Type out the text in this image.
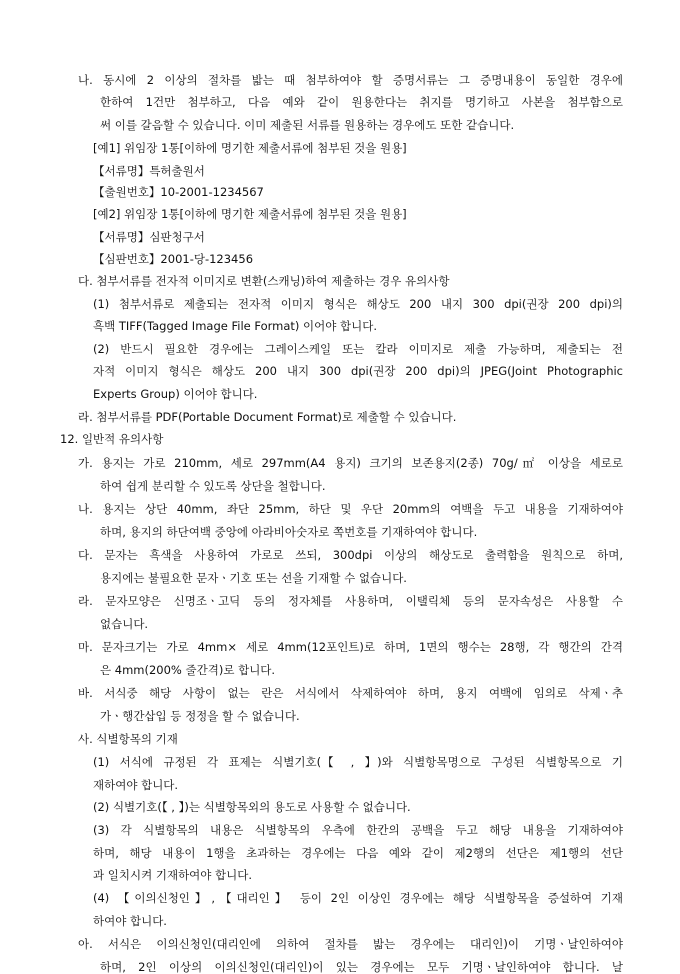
나. 동시에 2 이상의 절차를 밟는 때 첨부하여야 할 증명서류는 그 증명내용이 동일한 경우에
한하여 1건만 첨부하고, 다음 예와 같이 원용한다는 취지를 명기하고 사본을 첨부함으로
써 이를 갈음할 수 있습니다. 이미 제출된 서류를 원용하는 경우에도 또한 같습니다.
[예1] 위임장 1통[이하에 명기한 제출서류에 첨부된 것을 원용]
【서류명】특허출원서
【출원번호】10-2001-1234567
[예2] 위임장 1통[이하에 명기한 제출서류에 첨부된 것을 원용]
【서류명】심판청구서
【심판번호】2001-당-123456
다. 첨부서류를 전자적 이미지로 변환(스캐닝)하여 제출하는 경우 유의사항
(1) 첨부서류로 제출되는 전자적 이미지 형식은 해상도 200 내지 300 dpi(권장 200 dpi)의
흑백 TIFF(Tagged Image File Format) 이어야 합니다.
(2) 반드시 필요한 경우에는 그레이스케일 또는 칼라 이미지로 제출 가능하며, 제출되는 전
자적 이미지 형식은 해상도 200 내지 300 dpi(권장 200 dpi)의 JPEG(Joint Photographic
Experts Group) 이어야 합니다.
라. 첨부서류를 PDF(Portable Document Format)로 제출할 수 있습니다.
12. 일반적 유의사항
가. 용지는 가로 210mm, 세로 297mm(A4 용지) 크기의 보존용지(2종) 70g/㎡ 이상을 세로로
하여 쉽게 분리할 수 있도록 상단을 철합니다.
나. 용지는 상단 40mm, 좌단 25mm, 하단 및 우단 20mm의 여백을 두고 내용을 기재하여야
하며, 용지의 하단여백 중앙에 아라비아숫자로 쪽번호를 기재하여야 합니다.
다. 문자는 흑색을 사용하여 가로로 쓰되, 300dpi 이상의 해상도로 출력함을 원칙으로 하며,
용지에는 불필요한 문자ㆍ기호 또는 선을 기재할 수 없습니다.
라. 문자모양은 신명조ㆍ고딕 등의 정자체를 사용하며, 이탤릭체 등의 문자속성은 사용할 수
없습니다.
마. 문자크기는 가로 4mm× 세로 4mm(12포인트)로 하며, 1면의 행수는 28행, 각 행간의 간격
은 4mm(200% 줄간격)로 합니다.
바. 서식중 해당 사항이 없는 란은 서식에서 삭제하여야 하며, 용지 여백에 임의로 삭제ㆍ추
가ㆍ행간삽입 등 정정을 할 수 없습니다.
사. 식별항목의 기재
(1) 서식에 규정된 각 표제는 식별기호(【 , 】)와 식별항목명으로 구성된 식별항목으로 기
재하여야 합니다.
(2) 식별기호(【 , 】)는 식별항목외의 용도로 사용할 수 없습니다.
(3) 각 식별항목의 내용은 식별항목의 우측에 한칸의 공백을 두고 해당 내용을 기재하여야
하며, 해당 내용이 1행을 초과하는 경우에는 다음 예와 같이 제2행의 선단은 제1행의 선단
과 일치시켜 기재하여야 합니다.
(4) 【이의신청인】,【대리인】 등이 2인 이상인 경우에는 해당 식별항목을 증설하여 기재
하여야 합니다.
아. 서식은 이의신청인(대리인에 의하여 절차를 밟는 경우에는 대리인)이 기명ㆍ날인하여야
하며, 2인 이상의 이의신청인(대리인)이 있는 경우에는 모두 기명ㆍ날인하여야 합니다. 날
